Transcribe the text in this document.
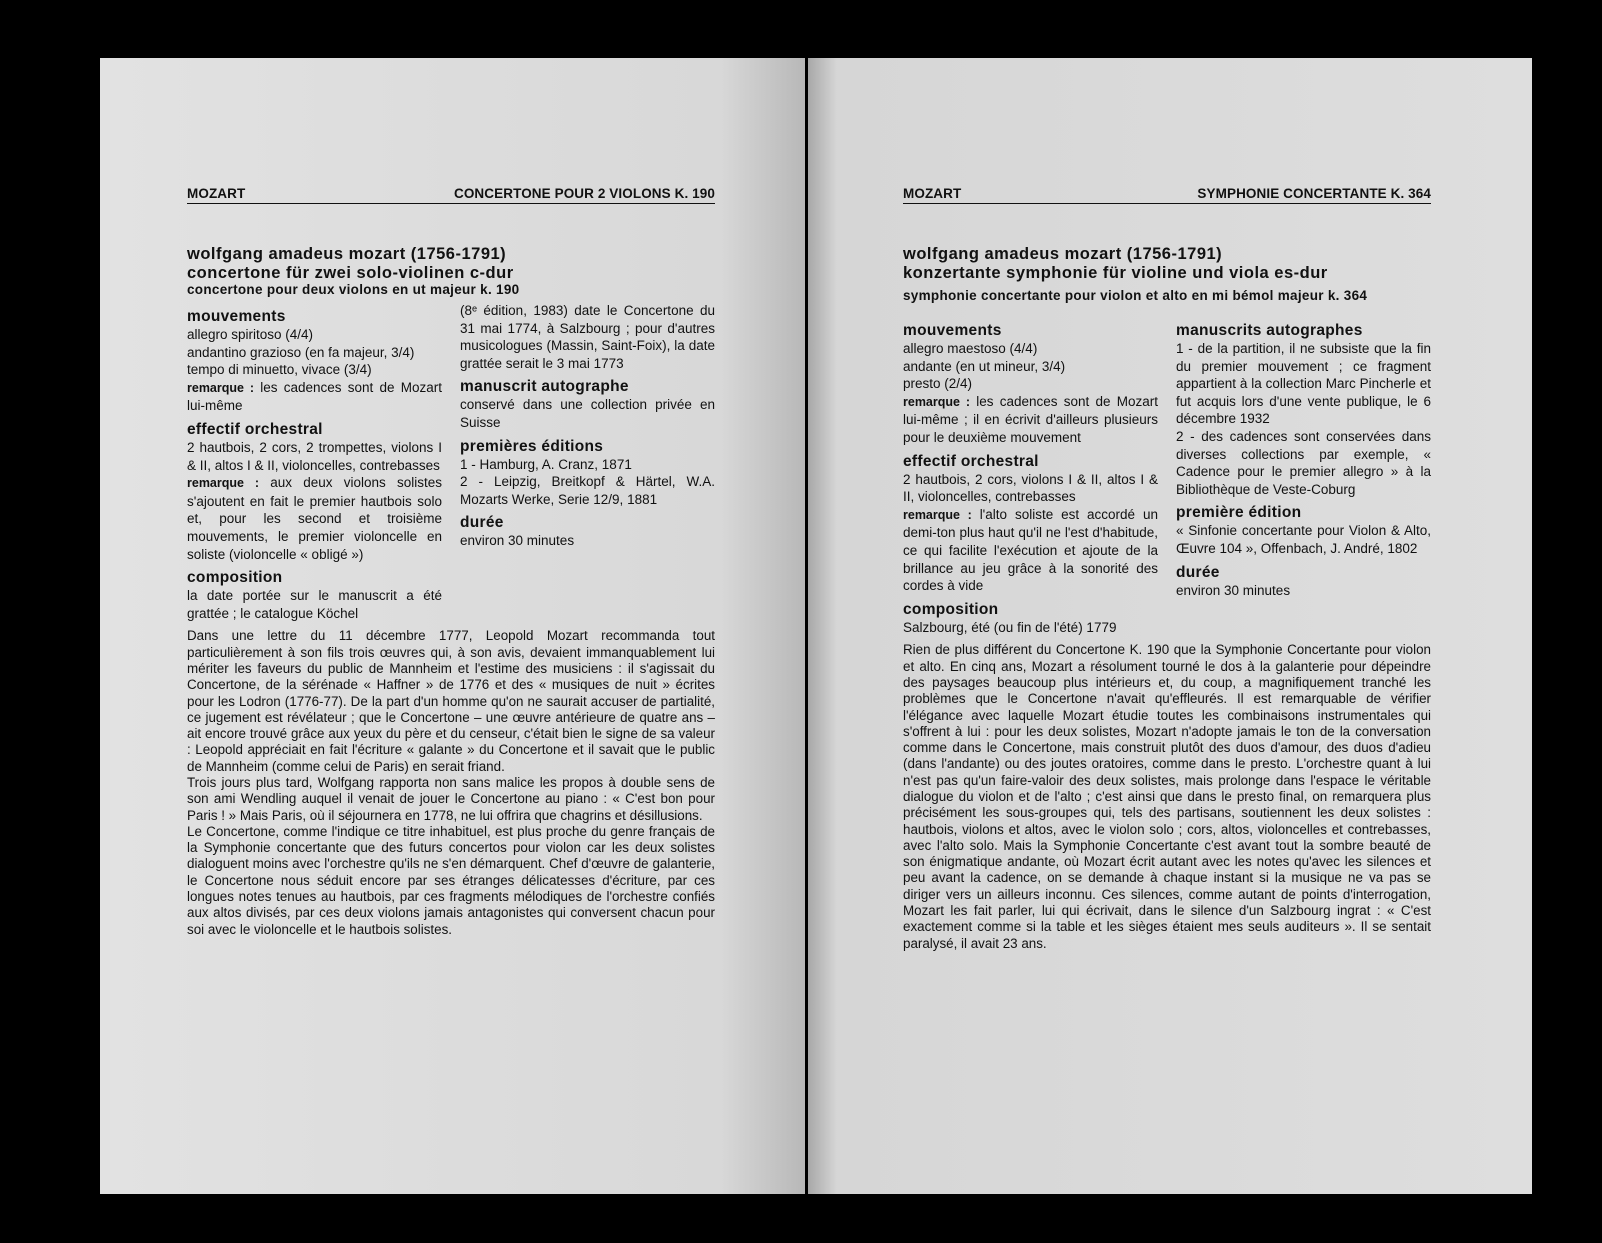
MOZART	CONCERTONE POUR 2 VIOLONS K. 190
wolfgang amadeus mozart (1756-1791)
concertone für zwei solo-violinen c-dur
concertone pour deux violons en ut majeur k. 190
mouvements

allegro spiritoso (4/4)

andantino grazioso (en fa majeur, 3/4)

tempo di minuetto, vivace (3/4)

remarque : les cadences sont de Mozart lui-même

effectif orchestral

2 hautbois, 2 cors, 2 trompettes, violons I & II, altos I & II, violoncelles, contrebasses

remarque : aux deux violons solistes s'ajoutent en fait le premier hautbois solo et, pour les second et troisième mouvements, le premier violoncelle en soliste (violoncelle « obligé »)

composition

la date portée sur le manuscrit a été grattée ; le catalogue Köchel

(8ᵉ édition, 1983) date le Concertone du 31 mai 1774, à Salzbourg ; pour d'autres musicologues (Massin, Saint-Foix), la date grattée serait le 3 mai 1773

manuscrit autographe

conservé dans une collection privée en Suisse

premières éditions

1 - Hamburg, A. Cranz, 1871

2 - Leipzig, Breitkopf & Härtel, W.A. Mozarts Werke, Serie 12/9, 1881

durée

environ 30 minutes

Dans une lettre du 11 décembre 1777, Leopold Mozart recommanda tout particulièrement à son fils trois œuvres qui, à son avis, devaient immanquablement lui mériter les faveurs du public de Mannheim et l'estime des musiciens : il s'agissait du Concertone, de la sérénade « Haffner » de 1776 et des « musiques de nuit » écrites pour les Lodron (1776-77). De la part d'un homme qu'on ne saurait accuser de partialité, ce jugement est révélateur ; que le Concertone – une œuvre antérieure de quatre ans – ait encore trouvé grâce aux yeux du père et du censeur, c'était bien le signe de sa valeur : Leopold appréciait en fait l'écriture « galante » du Concertone et il savait que le public de Mannheim (comme celui de Paris) en serait friand.

Trois jours plus tard, Wolfgang rapporta non sans malice les propos à double sens de son ami Wendling auquel il venait de jouer le Concertone au piano : « C'est bon pour Paris ! » Mais Paris, où il séjournera en 1778, ne lui offrira que chagrins et désillusions.

Le Concertone, comme l'indique ce titre inhabituel, est plus proche du genre français de la Symphonie concertante que des futurs concertos pour violon car les deux solistes dialoguent moins avec l'orchestre qu'ils ne s'en démarquent. Chef d'œuvre de galanterie, le Concertone nous séduit encore par ses étranges délicatesses d'écriture, par ces longues notes tenues au hautbois, par ces fragments mélodiques de l'orchestre confiés aux altos divisés, par ces deux violons jamais antagonistes qui conversent chacun pour soi avec le violoncelle et le hautbois solistes.

MOZART	SYMPHONIE CONCERTANTE K. 364
wolfgang amadeus mozart (1756-1791)
konzertante symphonie für violine und viola es-dur
symphonie concertante pour violon et alto en mi bémol majeur k. 364
mouvements

allegro maestoso (4/4)

andante (en ut mineur, 3/4)

presto (2/4)

remarque : les cadences sont de Mozart lui-même ; il en écrivit d'ailleurs plusieurs pour le deuxième mouvement

effectif orchestral

2 hautbois, 2 cors, violons I & II, altos I & II, violoncelles, contrebasses

remarque : l'alto soliste est accordé un demi-ton plus haut qu'il ne l'est d'habitude, ce qui facilite l'exécution et ajoute de la brillance au jeu grâce à la sonorité des cordes à vide

composition

Salzbourg, été (ou fin de l'été) 1779

manuscrits autographes

1 - de la partition, il ne subsiste que la fin du premier mouvement ; ce fragment appartient à la collection Marc Pincherle et fut acquis lors d'une vente publique, le 6 décembre 1932

2 - des cadences sont conservées dans diverses collections par exemple, « Cadence pour le premier allegro » à la Bibliothèque de Veste-Coburg

première édition

« Sinfonie concertante pour Violon & Alto, Œuvre 104 », Offenbach, J. André, 1802

durée

environ 30 minutes

Rien de plus différent du Concertone K. 190 que la Symphonie Concertante pour violon et alto. En cinq ans, Mozart a résolument tourné le dos à la galanterie pour dépeindre des paysages beaucoup plus intérieurs et, du coup, a magnifiquement tranché les problèmes que le Concertone n'avait qu'effleurés. Il est remarquable de vérifier l'élégance avec laquelle Mozart étudie toutes les combinaisons instrumentales qui s'offrent à lui : pour les deux solistes, Mozart n'adopte jamais le ton de la conversation comme dans le Concertone, mais construit plutôt des duos d'amour, des duos d'adieu (dans l'andante) ou des joutes oratoires, comme dans le presto. L'orchestre quant à lui n'est pas qu'un faire-valoir des deux solistes, mais prolonge dans l'espace le véritable dialogue du violon et de l'alto ; c'est ainsi que dans le presto final, on remarquera plus précisément les sous-groupes qui, tels des partisans, soutiennent les deux solistes : hautbois, violons et altos, avec le violon solo ; cors, altos, violoncelles et contrebasses, avec l'alto solo. Mais la Symphonie Concertante c'est avant tout la sombre beauté de son énigmatique andante, où Mozart écrit autant avec les notes qu'avec les silences et peu avant la cadence, on se demande à chaque instant si la musique ne va pas se diriger vers un ailleurs inconnu. Ces silences, comme autant de points d'interrogation, Mozart les fait parler, lui qui écrivait, dans le silence d'un Salzbourg ingrat : « C'est exactement comme si la table et les sièges étaient mes seuls auditeurs ». Il se sentait paralysé, il avait 23 ans.
